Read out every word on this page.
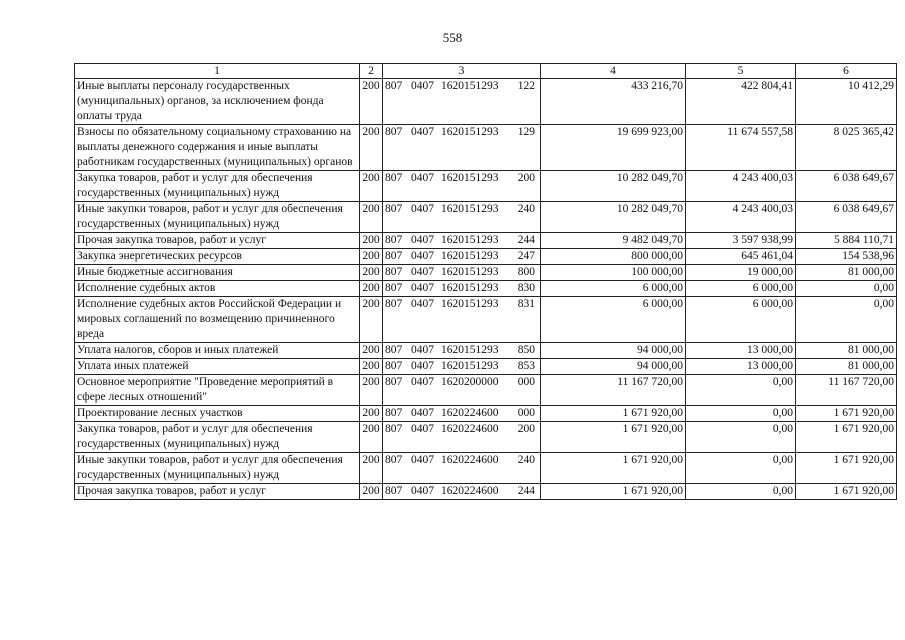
558
1	2	3	4	5	6
Иные выплаты персоналу государственных (муниципальных) органов, за исключением фонда оплаты труда	200	807 0407 1620151293 122	433 216,70	422 804,41	10 412,29
Взносы по обязательному социальному страхованию на выплаты денежного содержания и иные выплаты работникам государственных (муниципальных) органов	200	807 0407 1620151293 129	19 699 923,00	11 674 557,58	8 025 365,42
Закупка товаров, работ и услуг для обеспечения государственных (муниципальных) нужд	200	807 0407 1620151293 200	10 282 049,70	4 243 400,03	6 038 649,67
Иные закупки товаров, работ и услуг для обеспечения государственных (муниципальных) нужд	200	807 0407 1620151293 240	10 282 049,70	4 243 400,03	6 038 649,67
Прочая закупка товаров, работ и услуг	200	807 0407 1620151293 244	9 482 049,70	3 597 938,99	5 884 110,71
Закупка энергетических ресурсов	200	807 0407 1620151293 247	800 000,00	645 461,04	154 538,96
Иные бюджетные ассигнования	200	807 0407 1620151293 800	100 000,00	19 000,00	81 000,00
Исполнение судебных актов	200	807 0407 1620151293 830	6 000,00	6 000,00	0,00
Исполнение судебных актов Российской Федерации и мировых соглашений по возмещению причиненного вреда	200	807 0407 1620151293 831	6 000,00	6 000,00	0,00
Уплата налогов, сборов и иных платежей	200	807 0407 1620151293 850	94 000,00	13 000,00	81 000,00
Уплата иных платежей	200	807 0407 1620151293 853	94 000,00	13 000,00	81 000,00
Основное мероприятие "Проведение мероприятий в сфере лесных отношений"	200	807 0407 1620200000 000	11 167 720,00	0,00	11 167 720,00
Проектирование лесных участков	200	807 0407 1620224600 000	1 671 920,00	0,00	1 671 920,00
Закупка товаров, работ и услуг для обеспечения государственных (муниципальных) нужд	200	807 0407 1620224600 200	1 671 920,00	0,00	1 671 920,00
Иные закупки товаров, работ и услуг для обеспечения государственных (муниципальных) нужд	200	807 0407 1620224600 240	1 671 920,00	0,00	1 671 920,00
Прочая закупка товаров, работ и услуг	200	807 0407 1620224600 244	1 671 920,00	0,00	1 671 920,00
